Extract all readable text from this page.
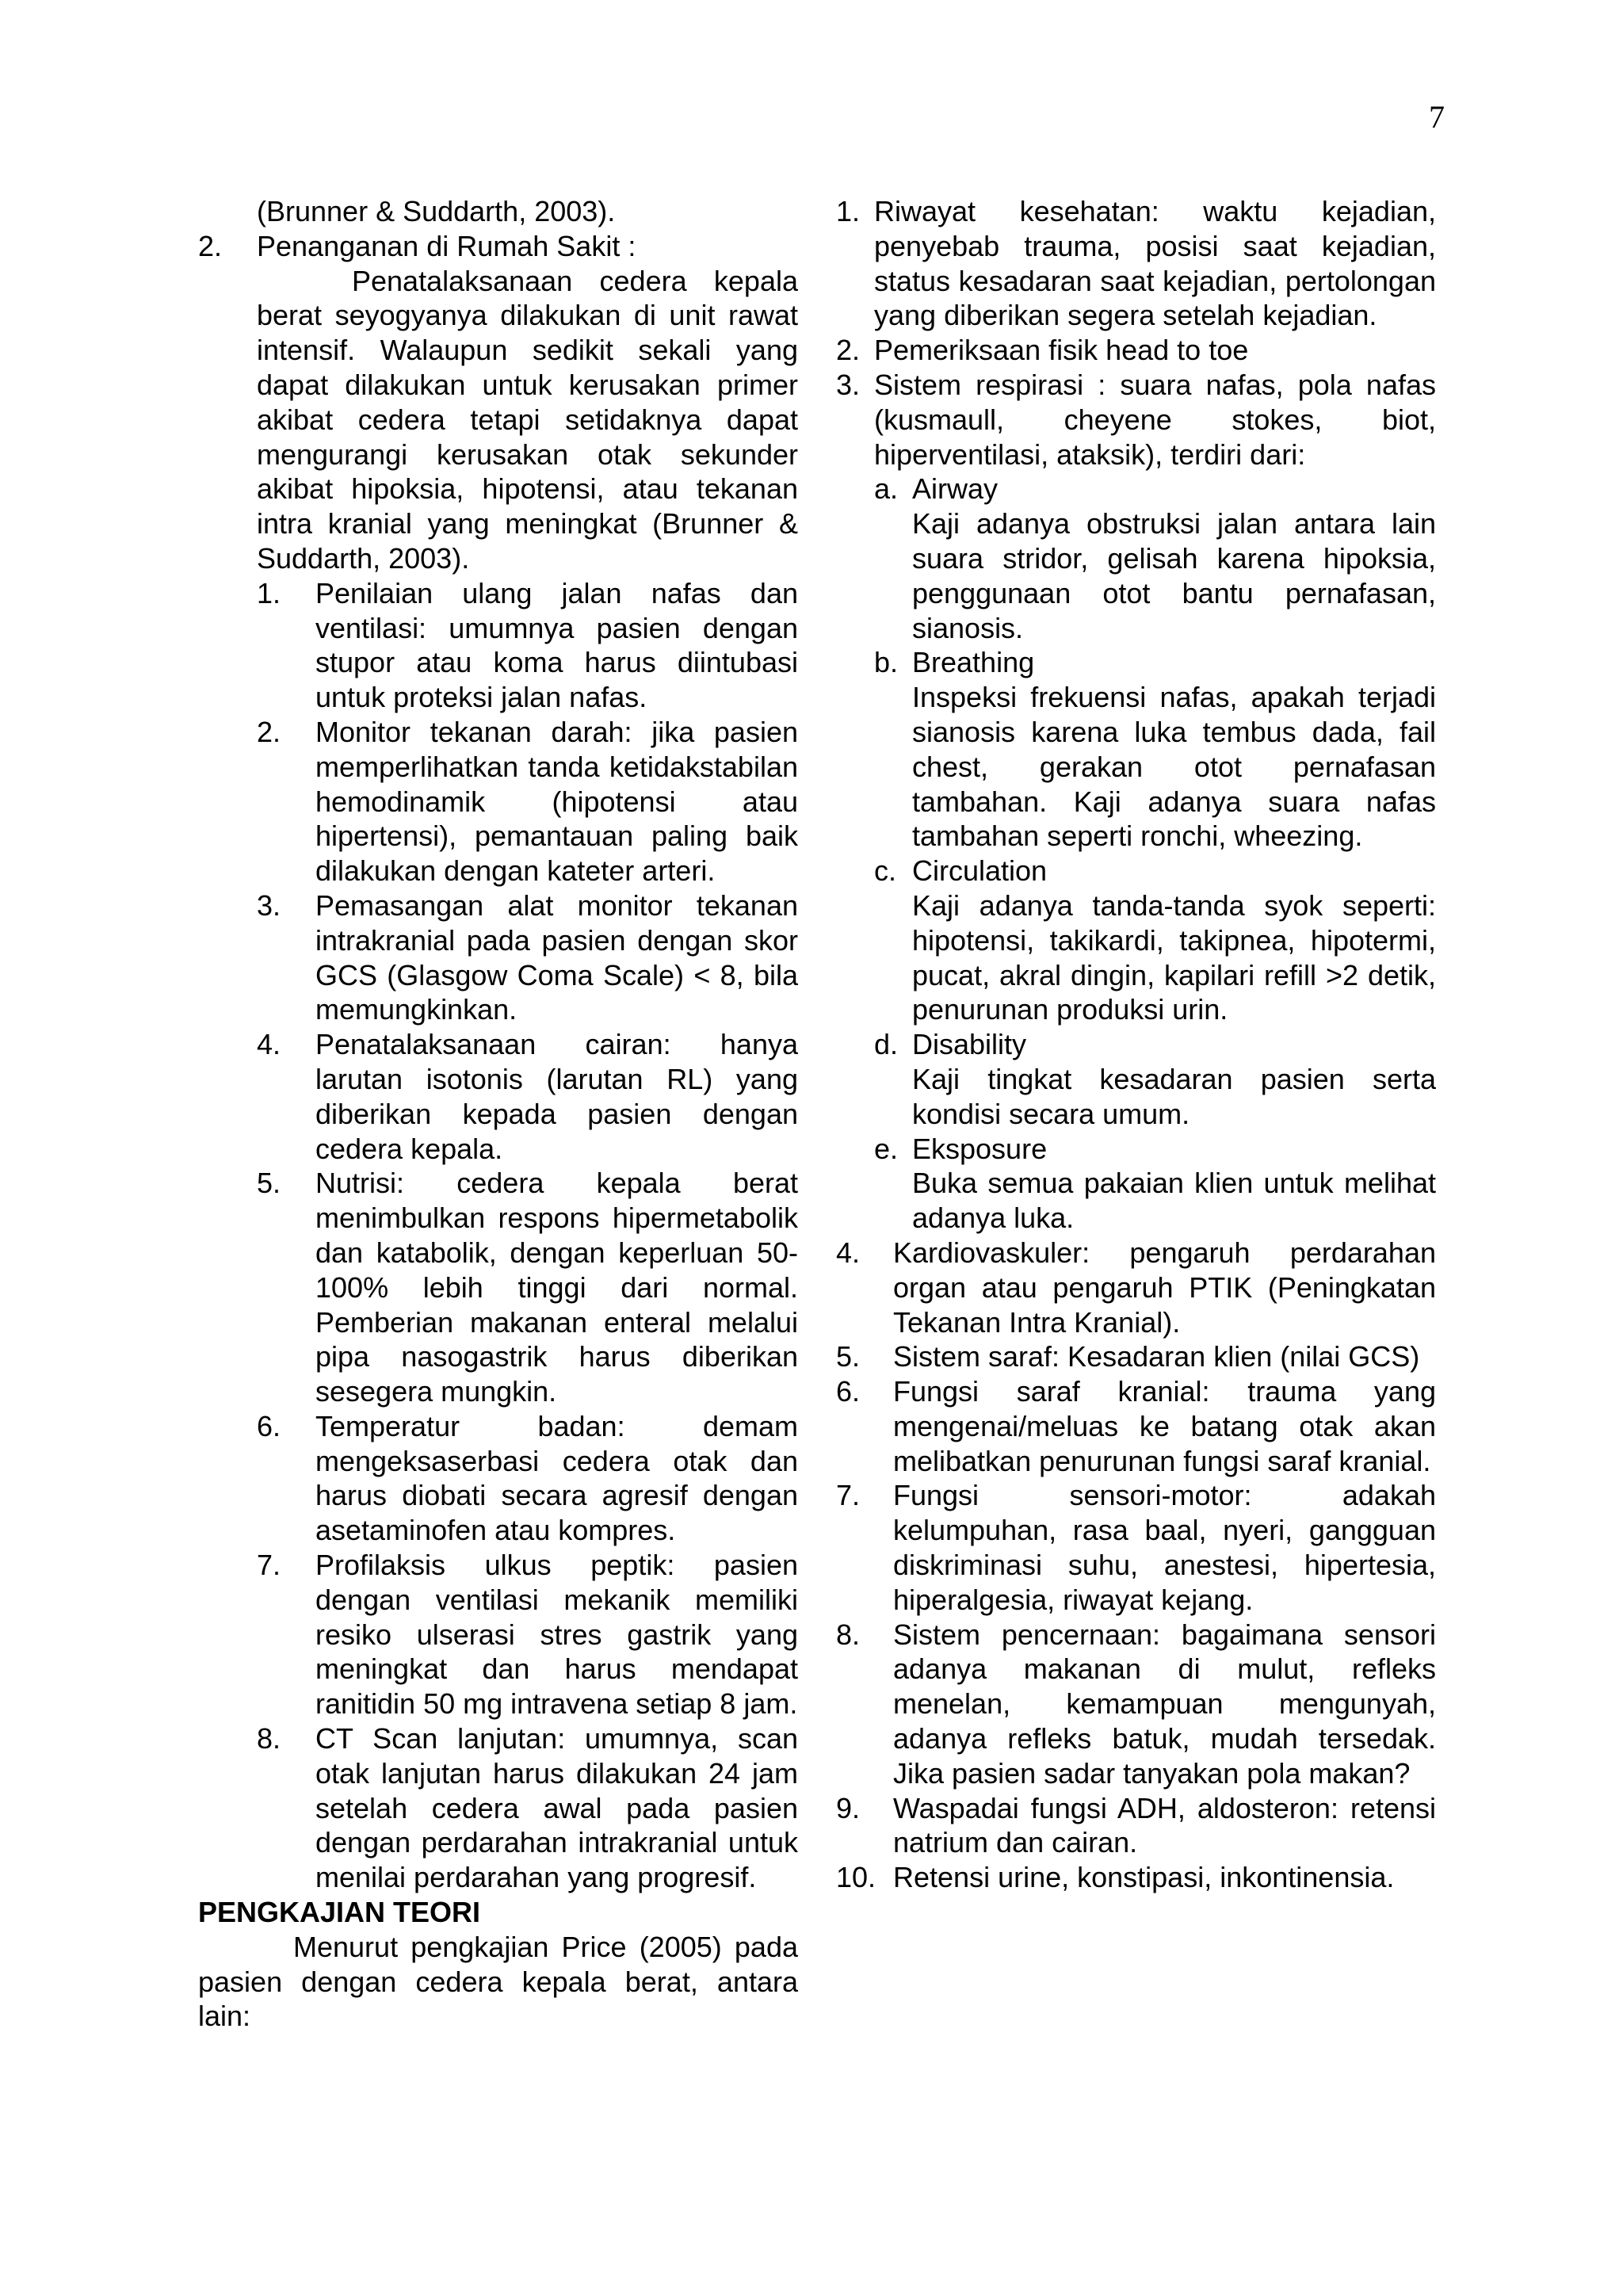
7
(Brunner & Suddarth, 2003).
2.	Penanganan di Rumah Sakit :
Penatalaksanaan cedera kepala berat seyogyanya dilakukan di unit rawat intensif. Walaupun sedikit sekali yang dapat dilakukan untuk kerusakan primer akibat cedera tetapi setidaknya dapat mengurangi kerusakan otak sekunder akibat hipoksia, hipotensi, atau tekanan intra kranial yang meningkat (Brunner & Suddarth, 2003).
1.	Penilaian ulang jalan nafas dan ventilasi: umumnya pasien dengan stupor atau koma harus diintubasi untuk proteksi jalan nafas.
2.	Monitor tekanan darah: jika pasien memperlihatkan tanda ketidakstabilan hemodinamik (hipotensi atau hipertensi), pemantauan paling baik dilakukan dengan kateter arteri.
3.	Pemasangan alat monitor tekanan intrakranial pada pasien dengan skor GCS (Glasgow Coma Scale) < 8, bila memungkinkan.
4.	Penatalaksanaan cairan: hanya larutan isotonis (larutan RL) yang diberikan kepada pasien dengan cedera kepala.
5.	Nutrisi: cedera kepala berat menimbulkan respons hipermetabolik dan katabolik, dengan keperluan 50-100% lebih tinggi dari normal. Pemberian makanan enteral melalui pipa nasogastrik harus diberikan sesegera mungkin.
6.	Temperatur badan: demam mengeksaserbasi cedera otak dan harus diobati secara agresif dengan asetaminofen atau kompres.
7.	Profilaksis ulkus peptik: pasien dengan ventilasi mekanik memiliki resiko ulserasi stres gastrik yang meningkat dan harus mendapat ranitidin 50 mg intravena setiap 8 jam.
8.	CT Scan lanjutan: umumnya, scan otak lanjutan harus dilakukan 24 jam setelah cedera awal pada pasien dengan perdarahan intrakranial untuk menilai perdarahan yang progresif.
PENGKAJIAN TEORI
Menurut pengkajian Price (2005) pada pasien dengan cedera kepala berat, antara lain:
1. Riwayat kesehatan: waktu kejadian, penyebab trauma, posisi saat kejadian, status kesadaran saat kejadian, pertolongan yang diberikan segera setelah kejadian.
2. Pemeriksaan fisik head to toe
3. Sistem respirasi : suara nafas, pola nafas (kusmaull, cheyene stokes, biot, hiperventilasi, ataksik), terdiri dari:
a. Airway
Kaji adanya obstruksi jalan antara lain suara stridor, gelisah karena hipoksia, penggunaan otot bantu pernafasan, sianosis.
b. Breathing
Inspeksi frekuensi nafas, apakah terjadi sianosis karena luka tembus dada, fail chest, gerakan otot pernafasan tambahan. Kaji adanya suara nafas tambahan seperti ronchi, wheezing.
c. Circulation
Kaji adanya tanda-tanda syok seperti: hipotensi, takikardi, takipnea, hipotermi, pucat, akral dingin, kapilari refill >2 detik, penurunan produksi urin.
d. Disability
Kaji tingkat kesadaran pasien serta kondisi secara umum.
e. Eksposure
Buka semua pakaian klien untuk melihat adanya luka.
4.	Kardiovaskuler: pengaruh perdarahan organ atau pengaruh PTIK (Peningkatan Tekanan Intra Kranial).
5.	Sistem saraf: Kesadaran klien (nilai GCS)
6.	Fungsi saraf kranial: trauma yang mengenai/meluas ke batang otak akan melibatkan penurunan fungsi saraf kranial.
7.	Fungsi sensori-motor: adakah kelumpuhan, rasa baal, nyeri, gangguan diskriminasi suhu, anestesi, hipertesia, hiperalgesia, riwayat kejang.
8.	Sistem pencernaan: bagaimana sensori adanya makanan di mulut, refleks menelan, kemampuan mengunyah, adanya refleks batuk, mudah tersedak. Jika pasien sadar tanyakan pola makan?
9.	Waspadai fungsi ADH, aldosteron: retensi natrium dan cairan.
10. Retensi urine, konstipasi, inkontinensia.
